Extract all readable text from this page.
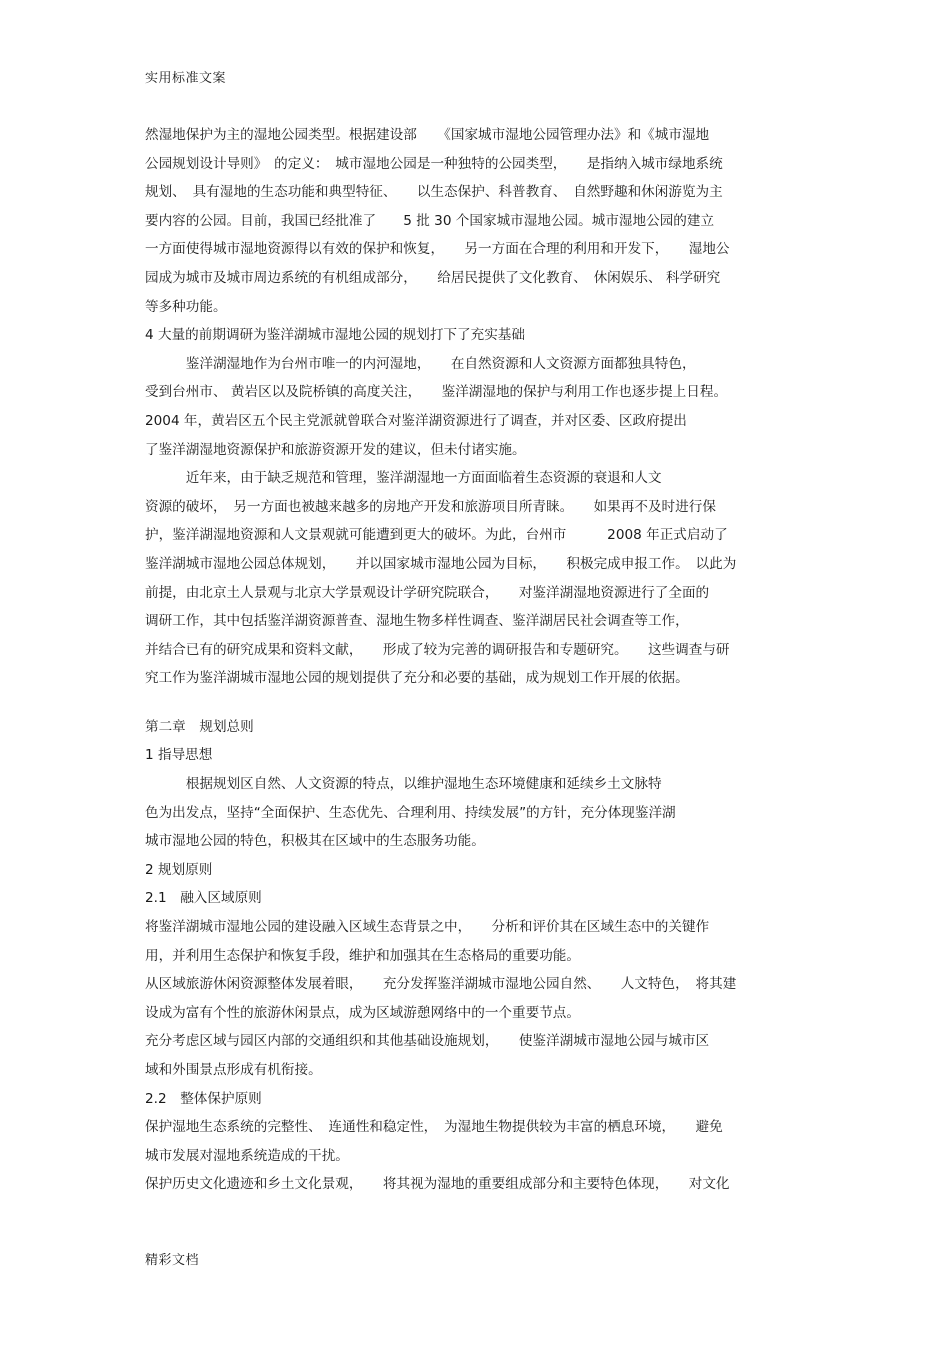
实用标准文案

然湿地保护为主的湿地公园类型。根据建设部　　《国家城市湿地公园管理办法》和《城市湿地

公园规划设计导则》　的定义：　城市湿地公园是一种独特的公园类型，　　是指纳入城市绿地系统

规划、　具有湿地的生态功能和典型特征、　　以生态保护、科普教育、　自然野趣和休闲游览为主

要内容的公园。目前，我国已经批准了　　5 批 30 个国家城市湿地公园。城市湿地公园的建立

一方面使得城市湿地资源得以有效的保护和恢复，　　另一方面在合理的利用和开发下，　　湿地公

园成为城市及城市周边系统的有机组成部分，　　给居民提供了文化教育、　休闲娱乐、 科学研究

等多种功能。

4 大量的前期调研为鉴洋湖城市湿地公园的规划打下了充实基础

　　　鉴洋湖湿地作为台州市唯一的内河湿地，　　在自然资源和人文资源方面都独具特色，

受到台州市、 黄岩区以及院桥镇的高度关注，　　鉴洋湖湿地的保护与利用工作也逐步提上日程。

2004 年，黄岩区五个民主党派就曾联合对鉴洋湖资源进行了调查，并对区委、区政府提出

了鉴洋湖湿地资源保护和旅游资源开发的建议，但未付诸实施。

　　　近年来，由于缺乏规范和管理，鉴洋湖湿地一方面面临着生态资源的衰退和人文

资源的破坏，　另一方面也被越来越多的房地产开发和旅游项目所青睐。　　如果再不及时进行保

护，鉴洋湖湿地资源和人文景观就可能遭到更大的破坏。为此，台州市　　　2008 年正式启动了

鉴洋湖城市湿地公园总体规划，　　并以国家城市湿地公园为目标，　　积极完成申报工作。　以此为

前提，由北京土人景观与北京大学景观设计学研究院联合，　　对鉴洋湖湿地资源进行了全面的

调研工作，其中包括鉴洋湖资源普查、湿地生物多样性调查、鉴洋湖居民社会调查等工作，

并结合已有的研究成果和资料文献，　　形成了较为完善的调研报告和专题研究。　　这些调查与研

究工作为鉴洋湖城市湿地公园的规划提供了充分和必要的基础，成为规划工作开展的依据。

第二章　规划总则

1 指导思想

　　　根据规划区自然、人文资源的特点，以维护湿地生态环境健康和延续乡土文脉特

色为出发点，坚持“全面保护、生态优先、合理利用、持续发展”的方针，充分体现鉴洋湖

城市湿地公园的特色，积极其在区域中的生态服务功能。

2 规划原则

2.1　融入区域原则

将鉴洋湖城市湿地公园的建设融入区域生态背景之中，　　分析和评价其在区域生态中的关键作

用，并利用生态保护和恢复手段，维护和加强其在生态格局的重要功能。

从区域旅游休闲资源整体发展着眼，　　充分发挥鉴洋湖城市湿地公园自然、　　人文特色，　将其建

设成为富有个性的旅游休闲景点，成为区域游憩网络中的一个重要节点。

充分考虑区域与园区内部的交通组织和其他基础设施规划，　　使鉴洋湖城市湿地公园与城市区

域和外围景点形成有机衔接。

2.2　整体保护原则

保护湿地生态系统的完整性、　连通性和稳定性，　为湿地生物提供较为丰富的栖息环境，　　避免

城市发展对湿地系统造成的干扰。

保护历史文化遗迹和乡土文化景观，　　将其视为湿地的重要组成部分和主要特色体现，　　对文化

精彩文档
